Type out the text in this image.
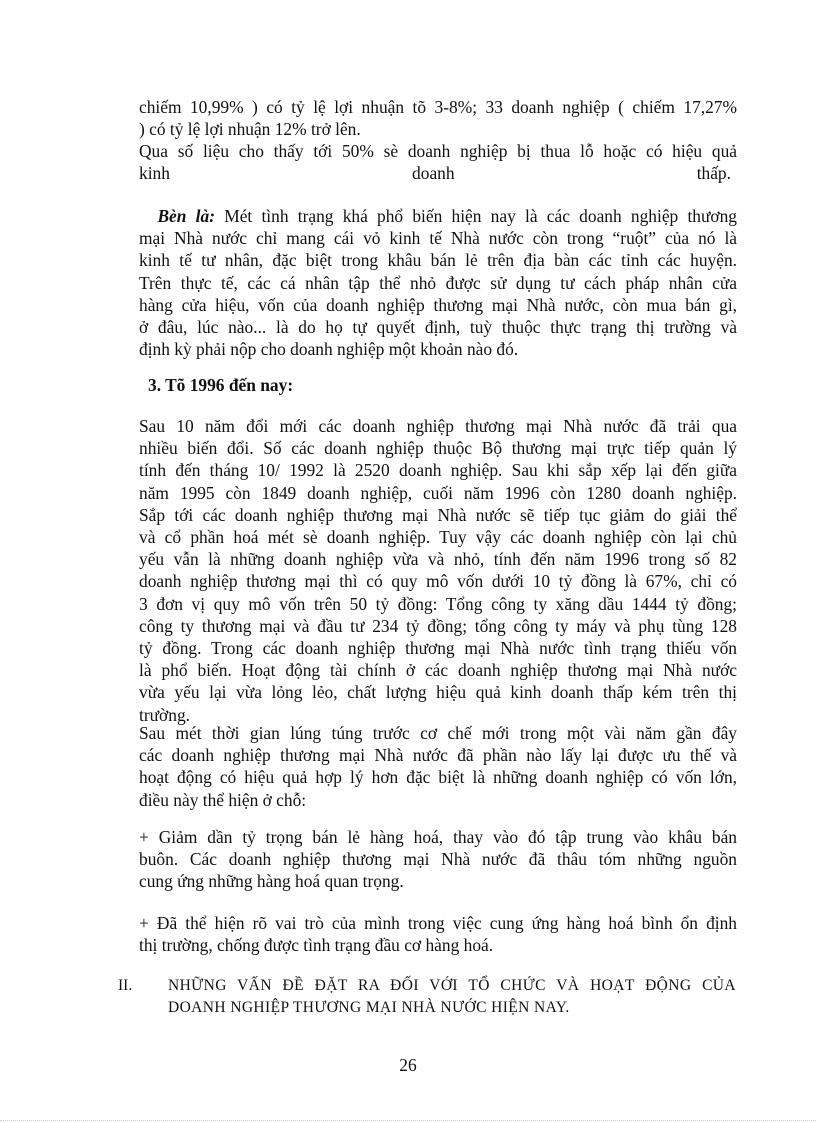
chiếm 10,99% ) có tỷ lệ lợi nhuận tõ 3-8%; 33 doanh nghiệp ( chiếm 17,27%
) có tỷ lệ lợi nhuận 12% trở lên.
Qua số liệu cho thấy tới 50% sè doanh nghiệp bị thua lỗ hoặc có hiệu quả
kinh	doanh	thấp.
Bèn là: Mét tình trạng khá phổ biến hiện nay là các doanh nghiệp thương
mại Nhà nước chỉ mang cái vỏ kinh tế Nhà nước còn trong “ruột” của nó là
kinh tế tư nhân, đặc biệt trong khâu bán lẻ trên địa bàn các tỉnh các huyện.
Trên thực tế, các cá nhân tập thể nhỏ được sử dụng tư cách pháp nhân cửa
hàng cửa hiệu, vốn của doanh nghiệp thương mại Nhà nước, còn mua bán gì,
ở đâu, lúc nào... là do họ tự quyết định, tuỳ thuộc thực trạng thị trường và
định kỳ phải nộp cho doanh nghiệp một khoản nào đó.
3. Tõ 1996 đến nay:
Sau 10 năm đổi mới các doanh nghiệp thương mại Nhà nước đã trải qua
nhiều biến đổi. Số các doanh nghiệp thuộc Bộ thương mại trực tiếp quản lý
tính đến tháng 10/ 1992 là 2520 doanh nghiệp. Sau khi sắp xếp lại đến giữa
năm 1995 còn 1849 doanh nghiệp, cuối năm 1996 còn 1280 doanh nghiệp.
Sắp tới các doanh nghiệp thương mại Nhà nước sẽ tiếp tục giảm do giải thể
và cổ phần hoá mét sè doanh nghiệp. Tuy vậy các doanh nghiệp còn lại chủ
yếu vẫn là những doanh nghiệp vừa và nhỏ, tính đến năm 1996 trong số 82
doanh nghiệp thương mại thì có quy mô vốn dưới 10 tỷ đồng là 67%, chỉ có
3 đơn vị quy mô vốn trên 50 tỷ đồng: Tổng công ty xăng dầu 1444 tỷ đồng;
công ty thương mại và đầu tư 234 tỷ đồng; tổng công ty máy và phụ tùng 128
tỷ đồng. Trong các doanh nghiệp thương mại Nhà nước tình trạng thiếu vốn
là phổ biến. Hoạt động tài chính ở các doanh nghiệp thương mại Nhà nước
vừa yếu lại vừa lỏng lẻo, chất lượng hiệu quả kinh doanh thấp kém trên thị
trường.
Sau mét thời gian lúng túng trước cơ chế mới trong một vài năm gần đây
các doanh nghiệp thương mại Nhà nước đã phần nào lấy lại được ưu thế và
hoạt động có hiệu quả hợp lý hơn đặc biệt là những doanh nghiệp có vốn lớn,
điều này thể hiện ở chỗ:
+ Giảm dần tỷ trọng bán lẻ hàng hoá, thay vào đó tập trung vào khâu bán
buôn. Các doanh nghiệp thương mại Nhà nước đã thâu tóm những nguồn
cung ứng những hàng hoá quan trọng.
+ Đã thể hiện rõ vai trò của mình trong việc cung ứng hàng hoá bình ổn định
thị trường, chống được tình trạng đầu cơ hàng hoá.
II. NHỮNG VẤN ĐỀ ĐẶT RA ĐỐI VỚI TỔ CHỨC VÀ HOẠT ĐỘNG CỦA
DOANH NGHIỆP THƯƠNG MẠI NHÀ NƯỚC HIỆN NAY.
26
